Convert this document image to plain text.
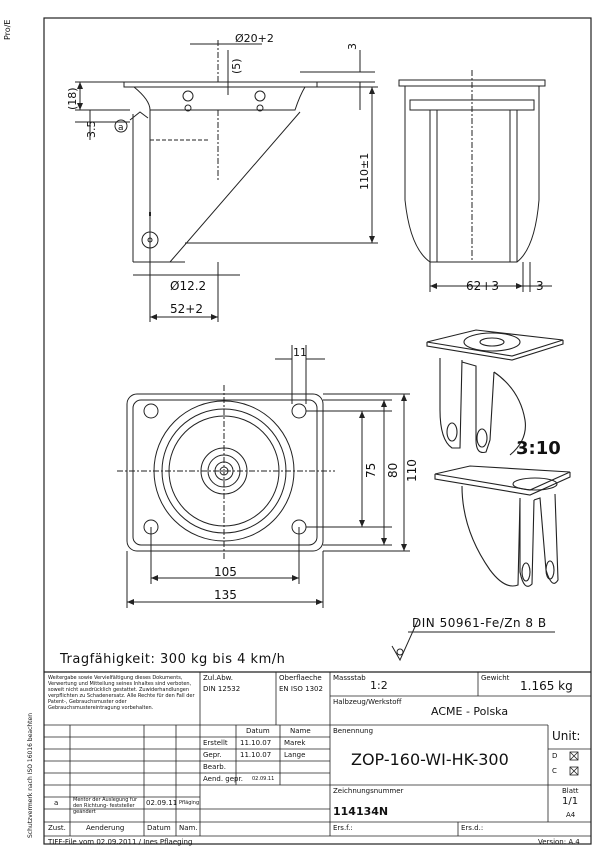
Ø20+2
3
(5)
(18)
3.5 a
110±1
Ø12.2
52+2
62+3	3
11
75 80 110
105
135
Pro/E
Schutzvermerk nach ISO 16016 beachten
3:10
DIN 50961-Fe/Zn 8 B
Tragfähigkeit: 300 kg bis 4 km/h
Weitergabe sowie Vervielfältigung dieses Dokuments, Verwertung und Mitteilung seines Inhaltes sind verboten, soweit nicht ausdrücklich gestattet. Zuwiderhandlungen verpflichten zu Schadenersatz. Alle Rechte für den Fall der Patent-, Gebrauchsmuster oder Gebrauchsmustereintragung vorbehalten.
Zul.Abw.
DIN 12532
Oberflaeche
EN ISO 1302
Massstab
1:2
Gewicht
1.165 kg
Halbzeug/Werkstoff
ACME - Polska
Datum	Name
Erstellt 11.10.07 Marek
Gepr.	11.10.07 Lange
Bearb.
Aend. gepr. 02.09.11
Benennung
ZOP-160-WI-HK-300
Unit:
D
C
Zeichnungsnummer
114134N
Blatt
1/1
A4
Ers.f.:	Ers.d.:
a	Mentor der Auslegung für den Richtung- feststeller geändert
02.09.11 Pfläging
Zust.	Aenderung	Datum Nam.
TIFF-File vom 02.09.2011 / Ines Pflaeging	Version: A.4
